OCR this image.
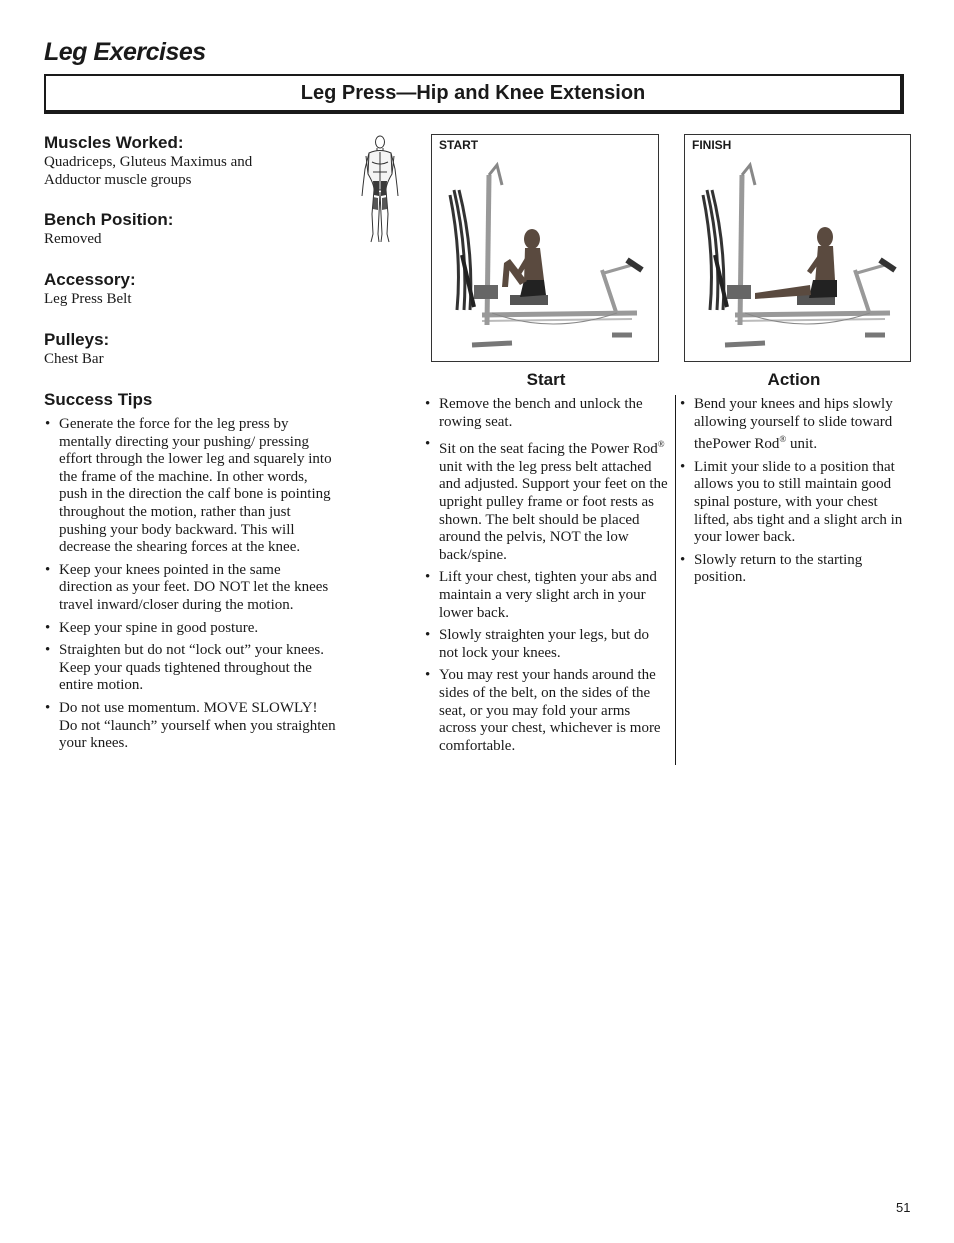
Leg Exercises
Leg Press—Hip and Knee Extension
Muscles Worked:

Quadriceps, Gluteus Maximus and Adductor muscle groups

Bench Position:

Removed

Accessory:

Leg Press Belt

Pulleys:

Chest Bar

Success Tips
• Generate the force for the leg press by mentally directing your pushing/ pressing effort through the lower leg and squarely into the frame of the machine. In other words, push in the direction the calf bone is pointing throughout the motion, rather than just pushing your body backward. This will decrease the shearing forces at the knee.
• Keep your knees pointed in the same direction as your feet. DO NOT let the knees travel inward/closer during the motion.
• Keep your spine in good posture.
• Straighten but do not “lock out” your knees. Keep your quads tightened throughout the entire motion.
• Do not use momentum. MOVE SLOWLY! Do not “launch” yourself when you straighten your knees.
START	FINISH
Start	Action
• Remove the bench and unlock the rowing seat.
• Sit on the seat facing the Power Rod® unit with the leg press belt attached and adjusted. Support your feet on the upright pulley frame or foot rests as shown. The belt should be placed around the pelvis, NOT the low back/spine.
• Lift your chest, tighten your abs and maintain a very slight arch in your lower back.
• Slowly straighten your legs, but do not lock your knees.
• You may rest your hands around the sides of the belt, on the sides of the seat, or you may fold your arms across your chest, whichever is more comfortable.
• Bend your knees and hips slowly allowing yourself to slide toward thePower Rod® unit.
• Limit your slide to a position that allows you to still maintain good spinal posture, with your chest lifted, abs tight and a slight arch in your lower back.
• Slowly return to the starting position.
51
